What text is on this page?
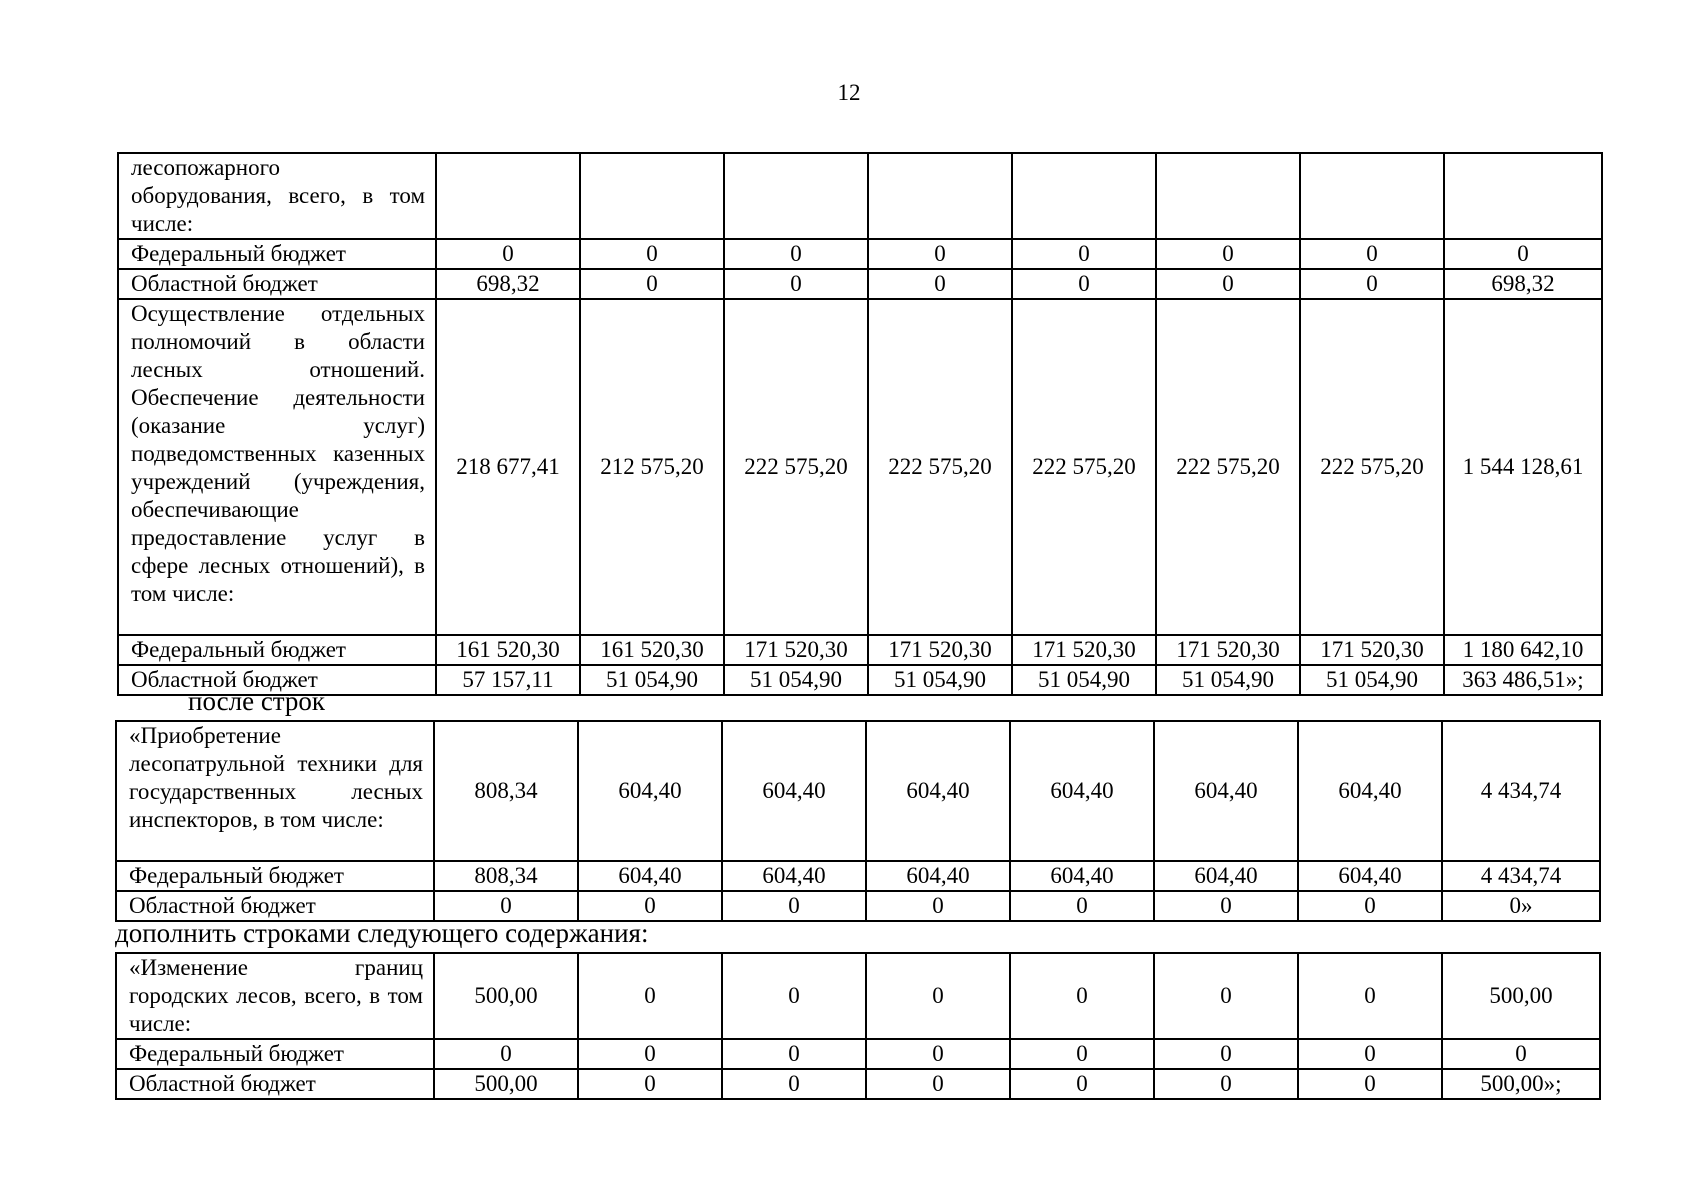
12
лесопожарного оборудования, всего, в том числе:								
Федеральный бюджет	0	0	0	0	0	0	0	0
Областной бюджет	698,32	0	0	0	0	0	0	698,32
Осуществление отдельных полномочий в области лесных отношений. Обеспечение деятельности (оказание услуг) подведомственных казенных учреждений (учреждения, обеспечивающие предоставление услуг в сфере лесных отношений), в том числе:	218 677,41	212 575,20	222 575,20	222 575,20	222 575,20	222 575,20	222 575,20	1 544 128,61
Федеральный бюджет	161 520,30	161 520,30	171 520,30	171 520,30	171 520,30	171 520,30	171 520,30	1 180 642,10
Областной бюджет	57 157,11	51 054,90	51 054,90	51 054,90	51 054,90	51 054,90	51 054,90	363 486,51»;
после строк
«Приобретение лесопатрульной техники для государственных лесных инспекторов, в том числе:	808,34	604,40	604,40	604,40	604,40	604,40	604,40	4 434,74
Федеральный бюджет	808,34	604,40	604,40	604,40	604,40	604,40	604,40	4 434,74
Областной бюджет	0	0	0	0	0	0	0	0»
дополнить строками следующего содержания:
«Изменение границ городских лесов, всего, в том числе:	500,00	0	0	0	0	0	0	500,00
Федеральный бюджет	0	0	0	0	0	0	0	0
Областной бюджет	500,00	0	0	0	0	0	0	500,00»;
